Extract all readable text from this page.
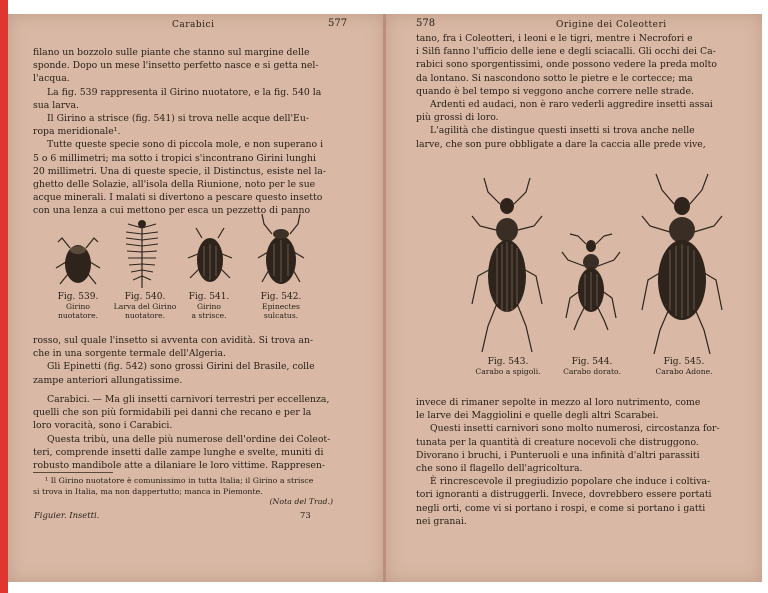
Carabici	577

filano un bozzolo sulle piante che stanno sul margine delle
sponde. Dopo un mese l'insetto perfetto nasce e si getta nel-
l'acqua.

La fig. 539 rappresenta il Girino nuotatore, e la fig. 540 la
sua larva.

Il Girino a strisce (fig. 541) si trova nelle acque dell'Eu-
ropa meridionale¹.

Tutte queste specie sono di piccola mole, e non superano i
5 o 6 millimetri; ma sotto i tropici s'incontrano Girini lunghi
20 millimetri. Una di queste specie, il Distinctus, esiste nel la-
ghetto delle Solazie, all'isola della Riunione, noto per le sue
acque minerali. I malati si divertono a pescare questo insetto
con una lenza a cui mettono per esca un pezzetto di panno

Fig. 539.
Girino
nuotatore.
Fig. 540.
Larva del Girino
nuotatore.
Fig. 541.
Girino
a strisce.
Fig. 542.
Epinectes
sulcatus.

rosso, sul quale l'insetto si avventa con avidità. Si trova an-
che in una sorgente termale dell'Algeria.

Gli Epinetti (fig. 542) sono grossi Girini del Brasile, colle
zampe anteriori allungatissime.

Carabici. — Ma gli insetti carnivori terrestri per eccellenza,
quelli che son più formidabili pei danni che recano e per la
loro voracità, sono i Carabici.

Questa tribù, una delle più numerose dell'ordine dei Coleot-
teri, comprende insetti dalle zampe lunghe e svelte, muniti di
robusto mandibole atte a dilaniare le loro vittime. Rappresen-

¹ Il Girino nuotatore è comunissimo in tutta Italia; il Girino a strisce
si trova in Italia, ma non dappertutto; manca in Piemonte.
(Nota del Trad.)
Figuier. Insetti.	73
578	Origine dei Coleotteri

tano, fra i Coleotteri, i leoni e le tigri, mentre i Necrofori e
i Silfi fanno l'ufficio delle iene e degli sciacalli. Gli occhi dei Ca-
rabici sono sporgentissimi, onde possono vedere la preda molto
da lontano. Si nascondono sotto le pietre e le cortecce; ma
quando è bel tempo si veggono anche correre nelle strade.

Ardenti ed audaci, non è raro vederli aggredire insetti assai
più grossi di loro.

L'agilità che distingue questi insetti si trova anche nelle
larve, che son pure obbligate a dare la caccia alle prede vive,

Fig. 543.
Carabo a spigoli.
Fig. 544.
Carabo dorato.
Fig. 545.
Carabo Adone.

invece di rimaner sepolte in mezzo al loro nutrimento, come
le larve dei Maggiolini e quelle degli altri Scarabei.

Questi insetti carnivori sono molto numerosi, circostanza for-
tunata per la quantità di creature nocevoli che distruggono.
Divorano i bruchi, i Punteruoli e una infinità d'altri parassiti
che sono il flagello dell'agricoltura.

È rincrescevole il pregiudizio popolare che induce i coltiva-
tori ignoranti a distruggerli. Invece, dovrebbero essere portati
negli orti, come vi si portano i rospi, e come si portano i gatti
nei granai.
